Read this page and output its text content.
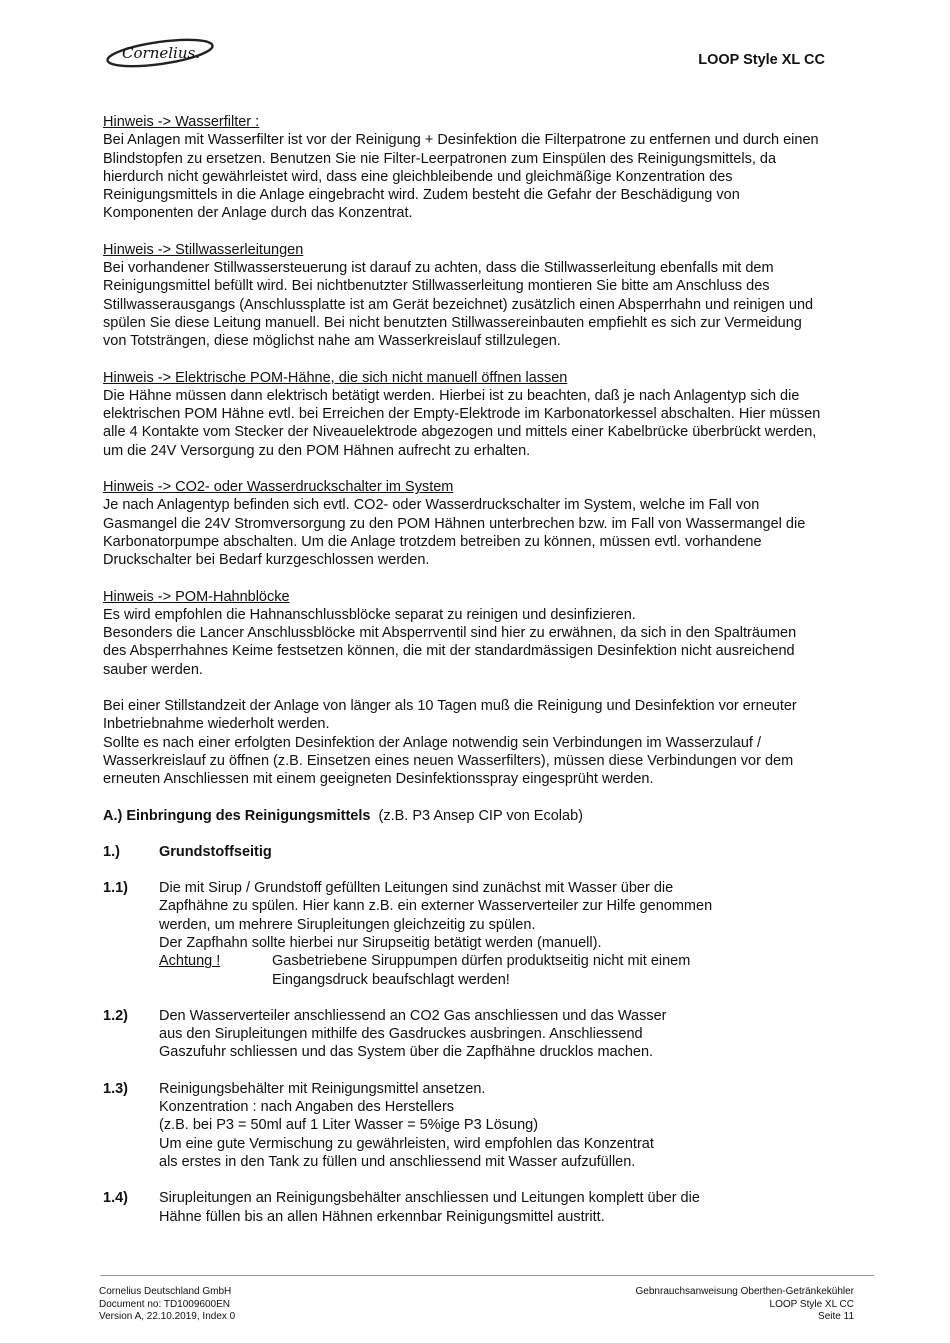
Cornelius.	LOOP Style XL CC

Hinweis -> Wasserfilter :

Bei Anlagen mit Wasserfilter ist vor der Reinigung + Desinfektion die Filterpatrone zu entfernen und durch einen

Blindstopfen zu ersetzen. Benutzen Sie nie Filter-Leerpatronen zum Einspülen des Reinigungsmittels, da

hierdurch nicht gewährleistet wird, dass eine gleichbleibende und gleichmäßige Konzentration des

Reinigungsmittels in die Anlage eingebracht wird. Zudem besteht die Gefahr der Beschädigung von

Komponenten der Anlage durch das Konzentrat.

Hinweis -> Stillwasserleitungen

Bei vorhandener Stillwassersteuerung ist darauf zu achten, dass die Stillwasserleitung ebenfalls mit dem

Reinigungsmittel befüllt wird. Bei nichtbenutzter Stillwasserleitung montieren Sie bitte am Anschluss des

Stillwasserausgangs (Anschlussplatte ist am Gerät bezeichnet) zusätzlich einen Absperrhahn und reinigen und

spülen Sie diese Leitung manuell. Bei nicht benutzten Stillwassereinbauten empfiehlt es sich zur Vermeidung

von Totsträngen, diese möglichst nahe am Wasserkreislauf stillzulegen.

Hinweis -> Elektrische POM-Hähne, die sich nicht manuell öffnen lassen

Die Hähne müssen dann elektrisch betätigt werden. Hierbei ist zu beachten, daß je nach Anlagentyp sich die

elektrischen POM Hähne evtl. bei Erreichen der Empty-Elektrode im Karbonatorkessel abschalten. Hier müssen

alle 4 Kontakte vom Stecker der Niveauelektrode abgezogen und mittels einer Kabelbrücke überbrückt werden,

um die 24V Versorgung zu den POM Hähnen aufrecht zu erhalten.

Hinweis -> CO2- oder Wasserdruckschalter im System

Je nach Anlagentyp befinden sich evtl. CO2- oder Wasserdruckschalter im System, welche im Fall von

Gasmangel die 24V Stromversorgung zu den POM Hähnen unterbrechen bzw. im Fall von Wassermangel die

Karbonatorpumpe abschalten. Um die Anlage trotzdem betreiben zu können, müssen evtl. vorhandene

Druckschalter bei Bedarf kurzgeschlossen werden.

Hinweis -> POM-Hahnblöcke

Es wird empfohlen die Hahnanschlussblöcke separat zu reinigen und desinfizieren.

Besonders die Lancer Anschlussblöcke mit Absperrventil sind hier zu erwähnen, da sich in den Spalträumen

des Absperrhahnes Keime festsetzen können, die mit der standardmässigen Desinfektion nicht ausreichend

sauber werden.

Bei einer Stillstandzeit der Anlage von länger als 10 Tagen muß die Reinigung und Desinfektion vor erneuter

Inbetriebnahme wiederholt werden.

Sollte es nach einer erfolgten Desinfektion der Anlage notwendig sein Verbindungen im Wasserzulauf /

Wasserkreislauf zu öffnen (z.B. Einsetzen eines neuen Wasserfilters), müssen diese Verbindungen vor dem

erneuten Anschliessen mit einem geeigneten Desinfektionsspray eingesprüht werden.

A.) Einbringung des Reinigungsmittels (z.B. P3 Ansep CIP von Ecolab)
1.)	Grundstoffseitig
1.1)	Die mit Sirup / Grundstoff gefüllten Leitungen sind zunächst mit Wasser über die

Zapfhähne zu spülen. Hier kann z.B. ein externer Wasserverteiler zur Hilfe genommen

werden, um mehrere Sirupleitungen gleichzeitig zu spülen.

Der Zapfhahn sollte hierbei nur Sirupseitig betätigt werden (manuell).

Achtung !	Gasbetriebene Siruppumpen dürfen produktseitig nicht mit einem

Eingangsdruck beaufschlagt werden!

1.2)	Den Wasserverteiler anschliessend an CO2 Gas anschliessen und das Wasser

aus den Sirupleitungen mithilfe des Gasdruckes ausbringen. Anschliessend

Gaszufuhr schliessen und das System über die Zapfhähne drucklos machen.

1.3)	Reinigungsbehälter mit Reinigungsmittel ansetzen.

Konzentration : nach Angaben des Herstellers

(z.B. bei P3 = 50ml auf 1 Liter Wasser = 5%ige P3 Lösung)

Um eine gute Vermischung zu gewährleisten, wird empfohlen das Konzentrat

als erstes in den Tank zu füllen und anschliessend mit Wasser aufzufüllen.

1.4)	Sirupleitungen an Reinigungsbehälter anschliessen und Leitungen komplett über die

Hähne füllen bis an allen Hähnen erkennbar Reinigungsmittel austritt.

Cornelius Deutschland GmbH

Document no: TD1009600EN

Version A, 22.10.2019, Index 0

Gebnrauchsanweisung Oberthen-Getränkekühler

LOOP Style XL CC

Seite 11
